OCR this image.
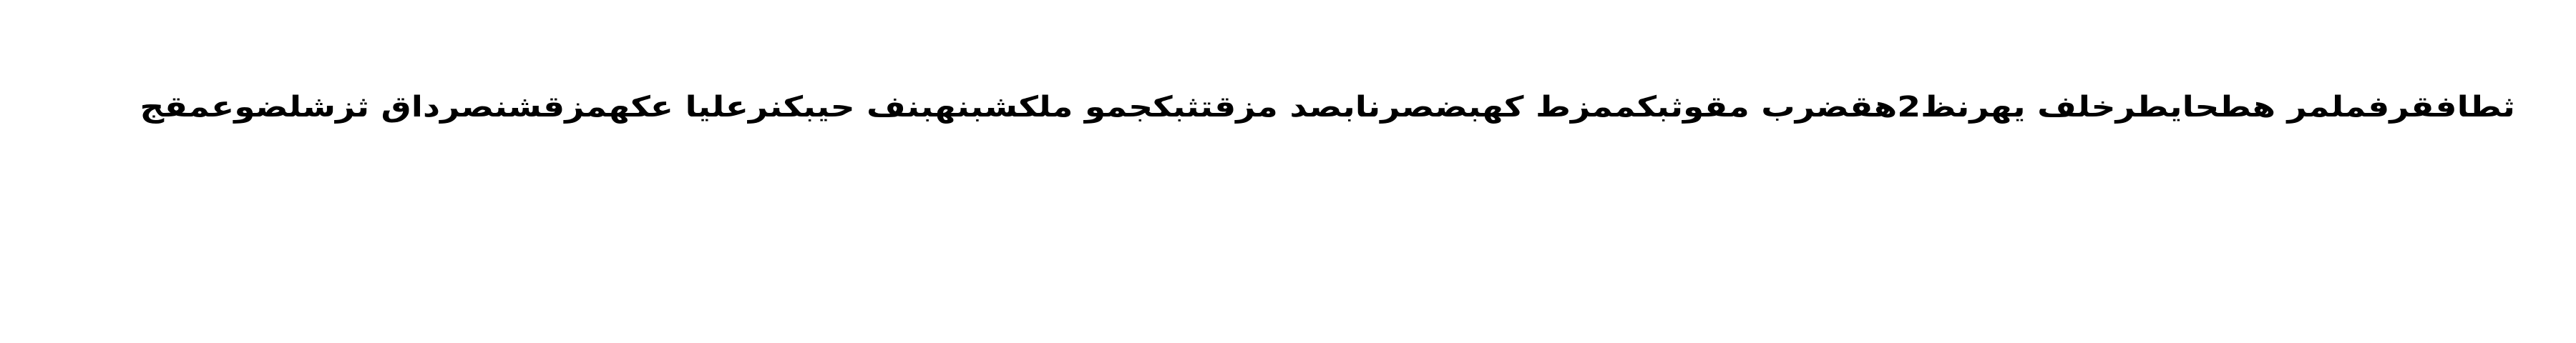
ثطافقرفملمر هطحايطرخلف يهرنظ2هقضرب مقوثبكممزط كهبضصرنابصد مزقتثبكجمو ملكشبنهبنف حيبكنرعليا عكهمزقشنصرداق ثزشلضوعمقج
